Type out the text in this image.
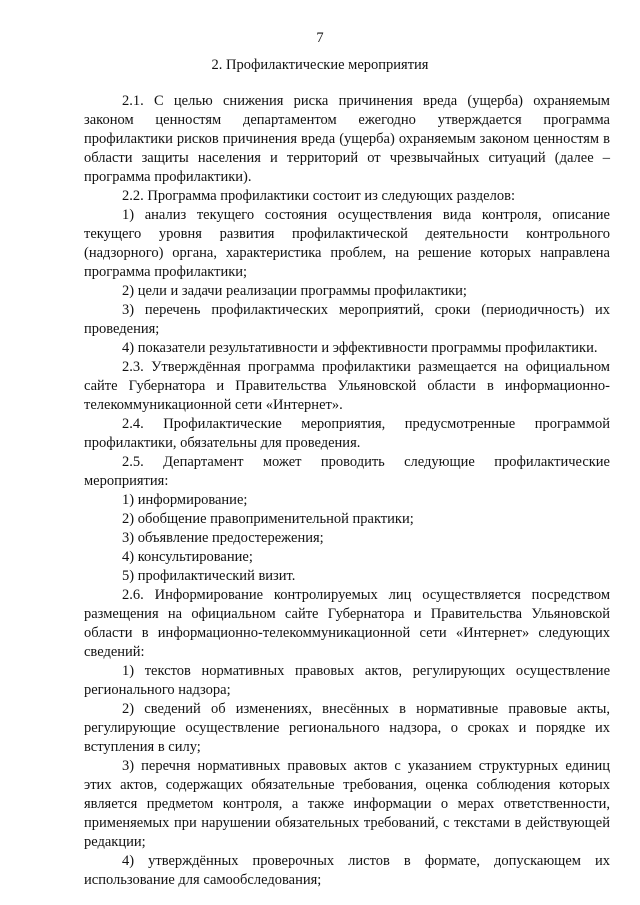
7
2. Профилактические мероприятия

2.1. С целью снижения риска причинения вреда (ущерба) охраняемым законом ценностям департаментом ежегодно утверждается программа профилактики рисков причинения вреда (ущерба) охраняемым законом ценностям в области защиты населения и территорий от чрезвычайных ситуаций (далее – программа профилактики).

2.2. Программа профилактики состоит из следующих разделов:

1) анализ текущего состояния осуществления вида контроля, описание текущего уровня развития профилактической деятельности контрольного (надзорного) органа, характеристика проблем, на решение которых направлена программа профилактики;

2) цели и задачи реализации программы профилактики;

3) перечень профилактических мероприятий, сроки (периодичность) их проведения;

4) показатели результативности и эффективности программы профилактики.

2.3. Утверждённая программа профилактики размещается на официальном сайте Губернатора и Правительства Ульяновской области в информационно-телекоммуникационной сети «Интернет».

2.4. Профилактические мероприятия, предусмотренные программой профилактики, обязательны для проведения.

2.5. Департамент может проводить следующие профилактические мероприятия:

1) информирование;

2) обобщение правоприменительной практики;

3) объявление предостережения;

4) консультирование;

5) профилактический визит.

2.6. Информирование контролируемых лиц осуществляется посредством размещения на официальном сайте Губернатора и Правительства Ульяновской области в информационно-телекоммуникационной сети «Интернет» следующих сведений:

1) текстов нормативных правовых актов, регулирующих осуществление регионального надзора;

2) сведений об изменениях, внесённых в нормативные правовые акты, регулирующие осуществление регионального надзора, о сроках и порядке их вступления в силу;

3) перечня нормативных правовых актов с указанием структурных единиц этих актов, содержащих обязательные требования, оценка соблюдения которых является предметом контроля, а также информации о мерах ответственности, применяемых при нарушении обязательных требований, с текстами в действующей редакции;

4) утверждённых проверочных листов в формате, допускающем их использование для самообследования;
